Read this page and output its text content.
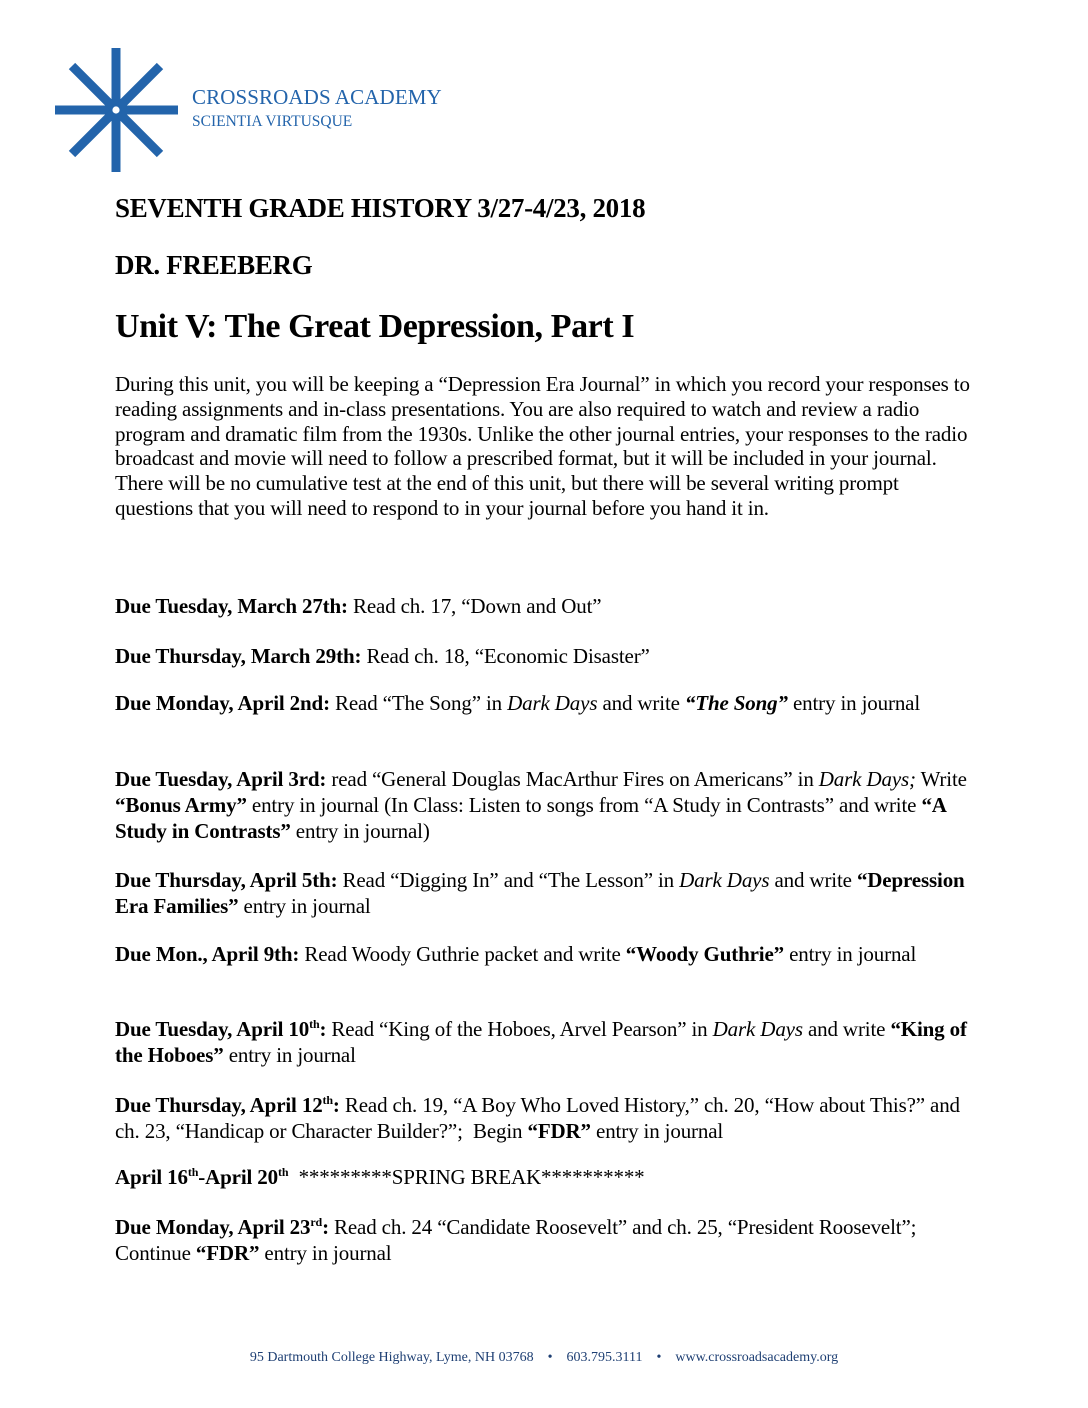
CROSSROADS ACADEMY
SCIENTIA VIRTUSQUE
SEVENTH GRADE HISTORY 3/27-4/23, 2018
DR. FREEBERG
Unit V: The Great Depression, Part I
During this unit, you will be keeping a “Depression Era Journal” in which you record your responses to reading assignments and in-class presentations. You are also required to watch and review a radio program and dramatic film from the 1930s. Unlike the other journal entries, your responses to the radio broadcast and movie will need to follow a prescribed format, but it will be included in your journal. There will be no cumulative test at the end of this unit, but there will be several writing prompt questions that you will need to respond to in your journal before you hand it in.
Due Tuesday, March 27th: Read ch. 17, “Down and Out”
Due Thursday, March 29th: Read ch. 18, “Economic Disaster”
Due Monday, April 2nd: Read “The Song” in Dark Days and write “The Song” entry in journal
Due Tuesday, April 3rd: read “General Douglas MacArthur Fires on Americans” in Dark Days; Write “Bonus Army” entry in journal (In Class: Listen to songs from “A Study in Contrasts” and write “A Study in Contrasts” entry in journal)
Due Thursday, April 5th: Read “Digging In” and “The Lesson” in Dark Days and write “Depression Era Families” entry in journal
Due Mon., April 9th: Read Woody Guthrie packet and write “Woody Guthrie” entry in journal
Due Tuesday, April 10th: Read “King of the Hoboes, Arvel Pearson” in Dark Days and write “King of the Hoboes” entry in journal
Due Thursday, April 12th: Read ch. 19, “A Boy Who Loved History,” ch. 20, “How about This?” and ch. 23, “Handicap or Character Builder?”;  Begin “FDR” entry in journal
April 16th-April 20th  *********SPRING BREAK**********
Due Monday, April 23rd: Read ch. 24 “Candidate Roosevelt” and ch. 25, “President Roosevelt”; Continue “FDR” entry in journal
95 Dartmouth College Highway, Lyme, NH 03768 • 603.795.3111 • www.crossroadsacademy.org
